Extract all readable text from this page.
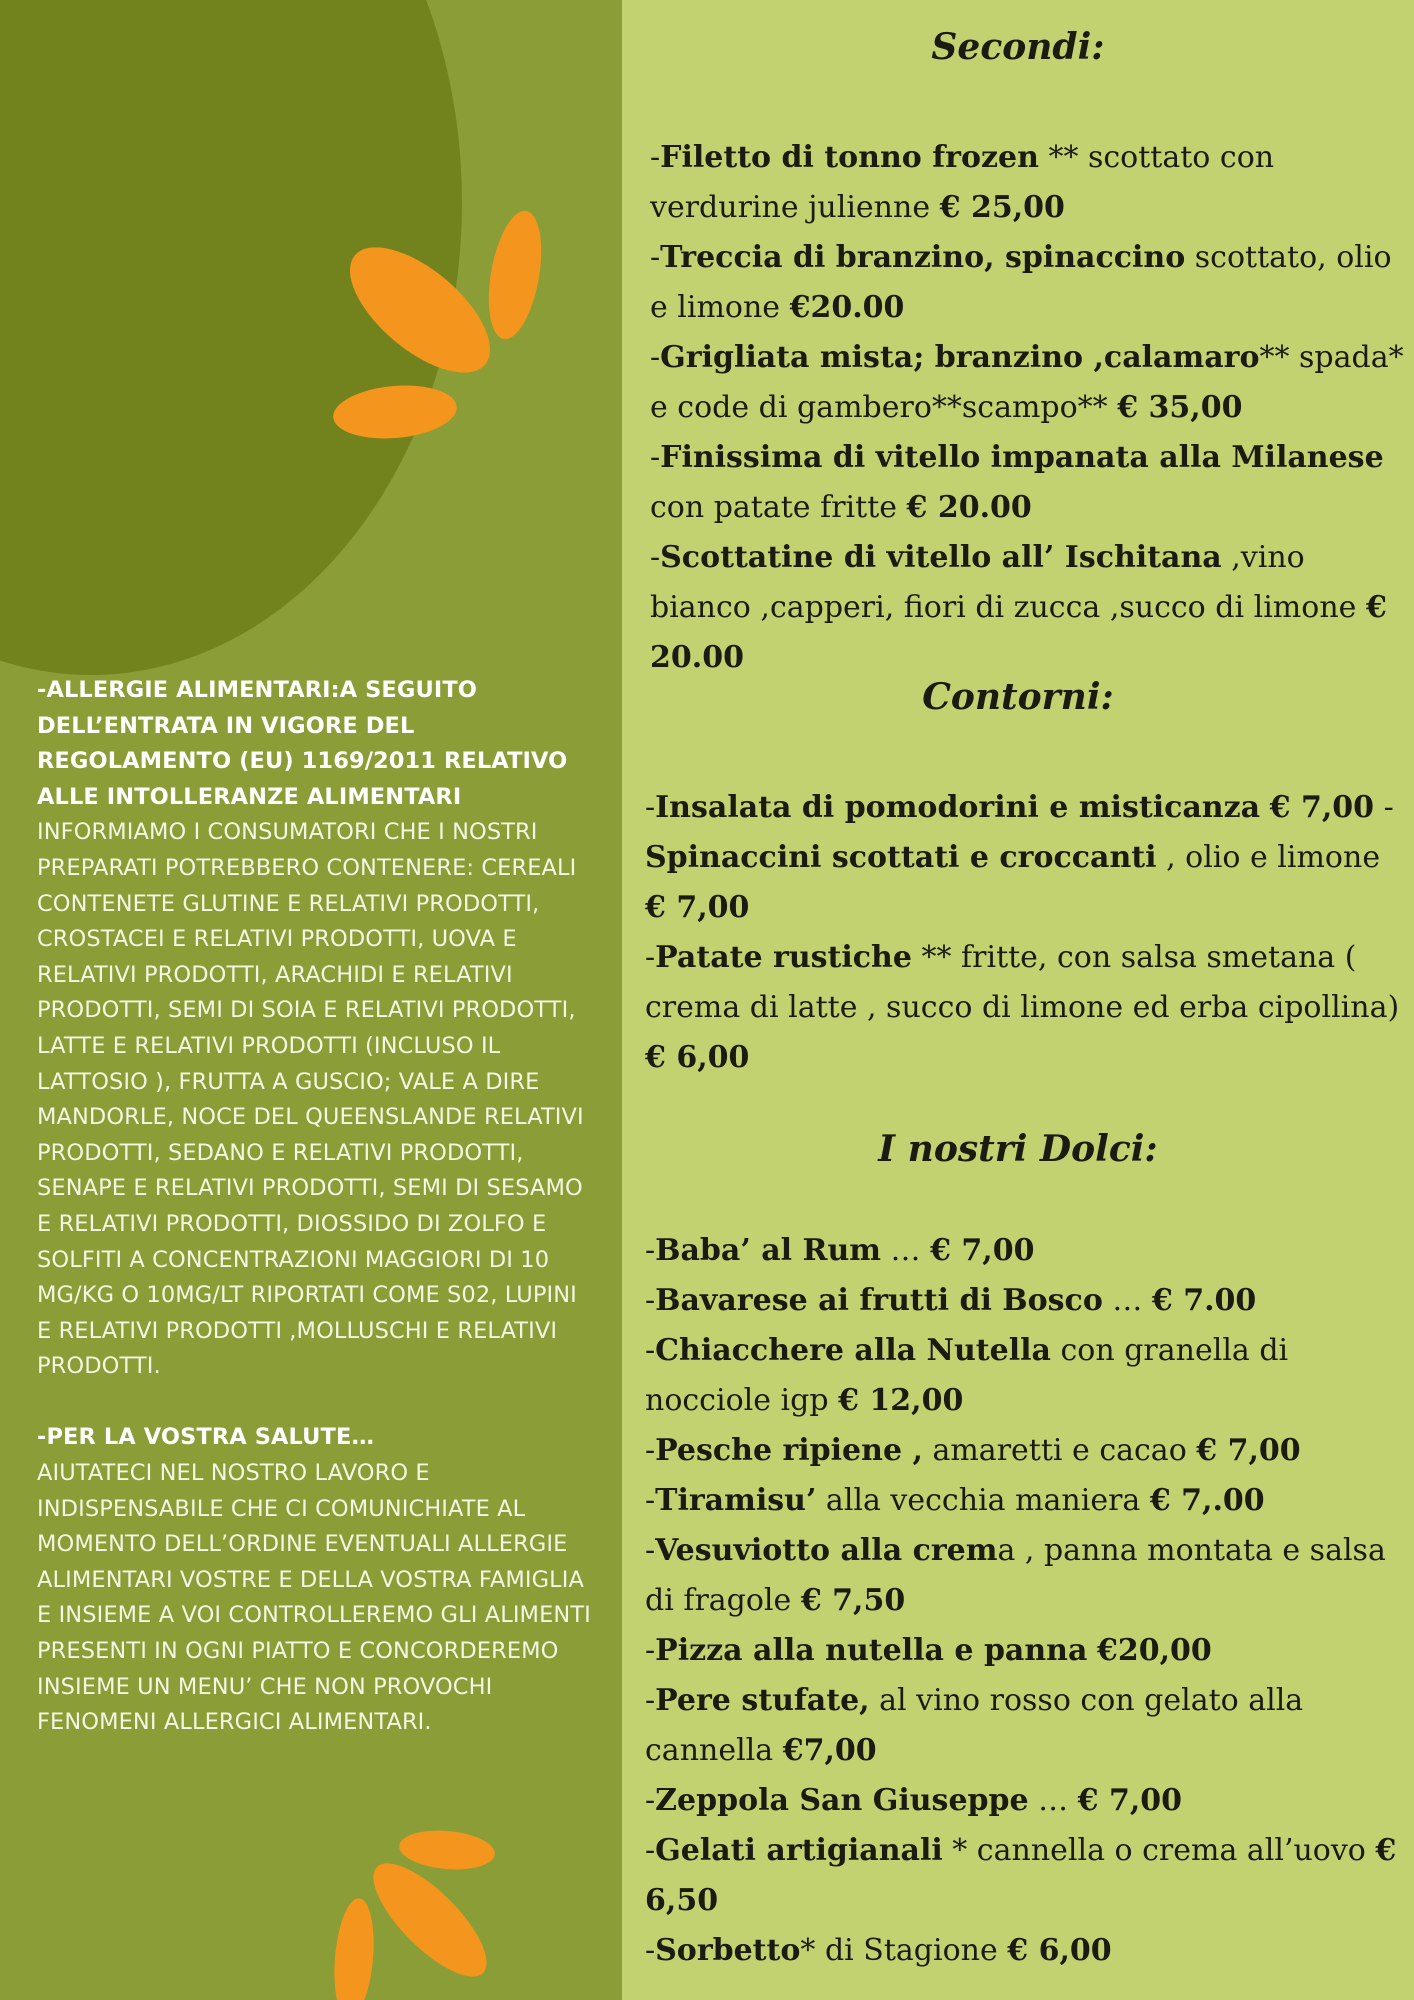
-ALLERGIE ALIMENTARI:A SEGUITO DELL’ENTRATA IN VIGORE DEL REGOLAMENTO (EU) 1169/2011 RELATIVO ALLE INTOLLERANZE ALIMENTARI

INFORMIAMO I CONSUMATORI CHE I NOSTRI PREPARATI POTREBBERO CONTENERE: CEREALI CONTENETE GLUTINE E RELATIVI PRODOTTI, CROSTACEI E RELATIVI PRODOTTI, UOVA E RELATIVI PRODOTTI, ARACHIDI E RELATIVI PRODOTTI, SEMI DI SOIA E RELATIVI PRODOTTI, LATTE E RELATIVI PRODOTTI (INCLUSO IL LATTOSIO ), FRUTTA A GUSCIO; VALE A DIRE MANDORLE, NOCE DEL QUEENSLANDE RELATIVI PRODOTTI, SEDANO E RELATIVI PRODOTTI, SENAPE E RELATIVI PRODOTTI, SEMI DI SESAMO E RELATIVI PRODOTTI, DIOSSIDO DI ZOLFO E SOLFITI A CONCENTRAZIONI MAGGIORI DI 10 MG/KG O 10MG/LT RIPORTATI COME S02, LUPINI E RELATIVI PRODOTTI ,MOLLUSCHI E RELATIVI PRODOTTI.

-PER LA VOSTRA SALUTE…

AIUTATECI NEL NOSTRO LAVORO E INDISPENSABILE CHE CI COMUNICHIATE AL MOMENTO DELL’ORDINE EVENTUALI ALLERGIE ALIMENTARI VOSTRE E DELLA VOSTRA FAMIGLIA E INSIEME A VOI CONTROLLEREMO GLI ALIMENTI PRESENTI IN OGNI PIATTO E CONCORDEREMO INSIEME UN MENU’ CHE NON PROVOCHI FENOMENI ALLERGICI ALIMENTARI.

Secondi:

-Filetto di tonno frozen ** scottato con verdurine julienne € 25,00

-Treccia di branzino, spinaccino scottato, olio e limone €20.00

-Grigliata mista; branzino ,calamaro** spada* e code di gambero**scampo** € 35,00

-Finissima di vitello impanata alla Milanese con patate fritte € 20.00

-Scottatine di vitello all’ Ischitana ,vino bianco ,capperi, fiori di zucca ,succo di limone € 20.00

Contorni:

-Insalata di pomodorini e misticanza € 7,00 -

Spinaccini scottati e croccanti , olio e limone € 7,00

-Patate rustiche ** fritte, con salsa smetana ( crema di latte , succo di limone ed erba cipollina) € 6,00

I nostri Dolci:

-Baba’ al Rum … € 7,00

-Bavarese ai frutti di Bosco … € 7.00

-Chiacchere alla Nutella con granella di nocciole igp € 12,00

-Pesche ripiene , amaretti e cacao € 7,00

-Tiramisu’ alla vecchia maniera € 7,.00

-Vesuviotto alla crema , panna montata e salsa di fragole € 7,50

-Pizza alla nutella e panna €20,00

-Pere stufate, al vino rosso con gelato alla cannella €7,00

-Zeppola San Giuseppe … € 7,00

-Gelati artigianali * cannella o crema all’uovo € 6,50

-Sorbetto* di Stagione € 6,00
